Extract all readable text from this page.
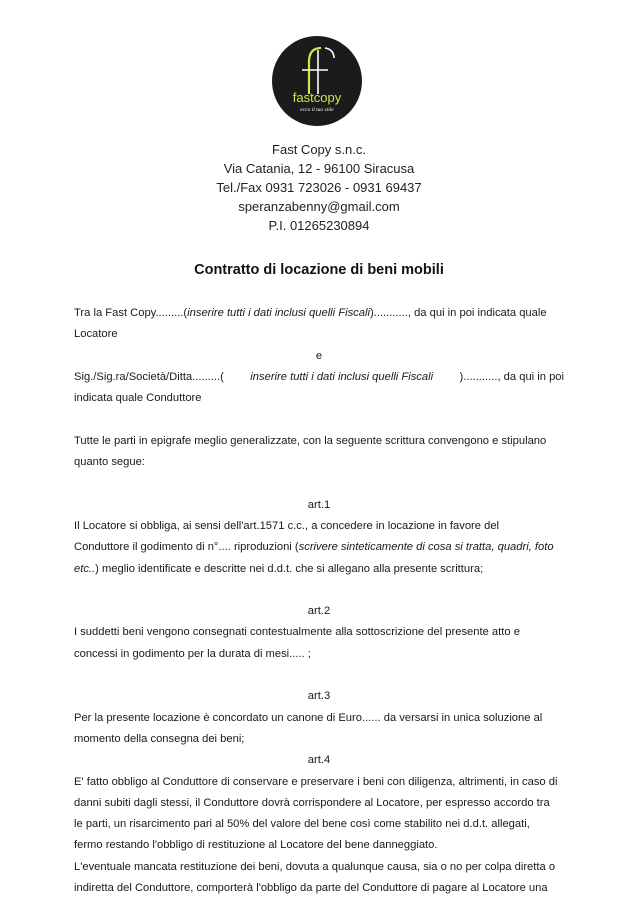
fastcopy
ecco il tuo stile
Fast Copy s.n.c.
Via Catania, 12 - 96100 Siracusa
Tel./Fax 0931 723026 - 0931 69437
speranzabenny@gmail.com
P.I. 01265230894
Contratto di locazione di beni mobili
Tra la Fast Copy.........(inserire tutti i dati inclusi quelli Fiscali)..........., da qui in poi indicata quale
Locatore
e
Sig./Sig.ra/Società/Ditta.........( inserire tutti i dati inclusi quelli Fiscali )..........., da qui in poi
indicata quale Conduttore
Tutte le parti in epigrafe meglio generalizzate, con la seguente scrittura convengono e stipulano
quanto segue:
art.1
Il Locatore si obbliga, ai sensi dell'art.1571 c.c., a concedere in locazione in favore del
Conduttore il godimento di n°.... riproduzioni (scrivere sinteticamente di cosa si tratta, quadri, foto
etc..) meglio identificate e descritte nei d.d.t. che si allegano alla presente scrittura;
art.2
I suddetti beni vengono consegnati contestualmente alla sottoscrizione del presente atto e
concessi in godimento per la durata di mesi..... ;
art.3
Per la presente locazione è concordato un canone di Euro...... da versarsi in unica soluzione al
momento della consegna dei beni;
art.4
E' fatto obbligo al Conduttore di conservare e preservare i beni con diligenza, altrimenti, in caso di
danni subiti dagli stessi, il Conduttore dovrà corrispondere al Locatore, per espresso accordo tra
le parti, un risarcimento pari al 50% del valore del bene così come stabilito nei d.d.t. allegati,
fermo restando l'obbligo di restituzione al Locatore del bene danneggiato.
L'eventuale mancata restituzione dei beni, dovuta a qualunque causa, sia o no per colpa diretta o
indiretta del Conduttore, comporterà l'obbligo da parte del Conduttore di pagare al Locatore una
